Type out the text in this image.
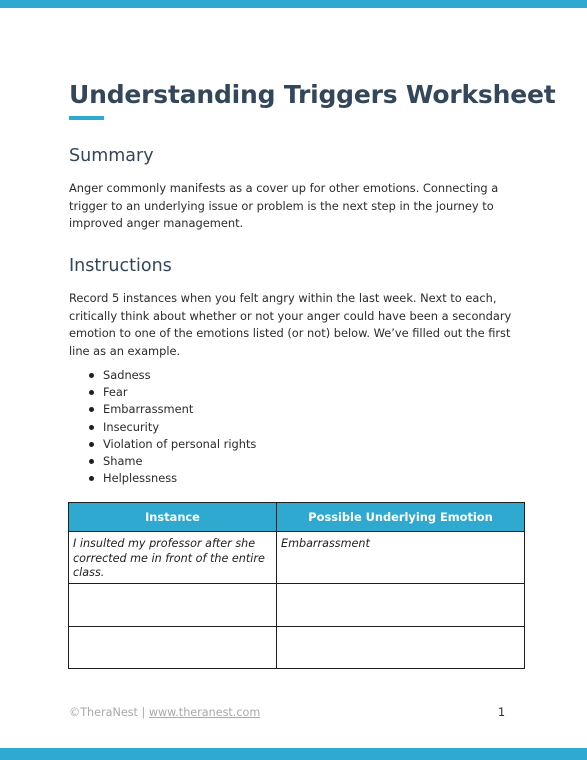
Understanding Triggers Worksheet
Summary

Anger commonly manifests as a cover up for other emotions. Connecting a trigger to an underlying issue or problem is the next step in the journey to improved anger management.

Instructions

Record 5 instances when you felt angry within the last week. Next to each, critically think about whether or not your anger could have been a secondary emotion to one of the emotions listed (or not) below. We’ve filled out the first line as an example.

Sadness
Fear
Embarrassment
Insecurity
Violation of personal rights
Shame
Helplessness
Instance	Possible Underlying Emotion
I insulted my professor after she corrected me in front of the entire class.	Embarrassment

©TheraNest | www.theranest.com	1
